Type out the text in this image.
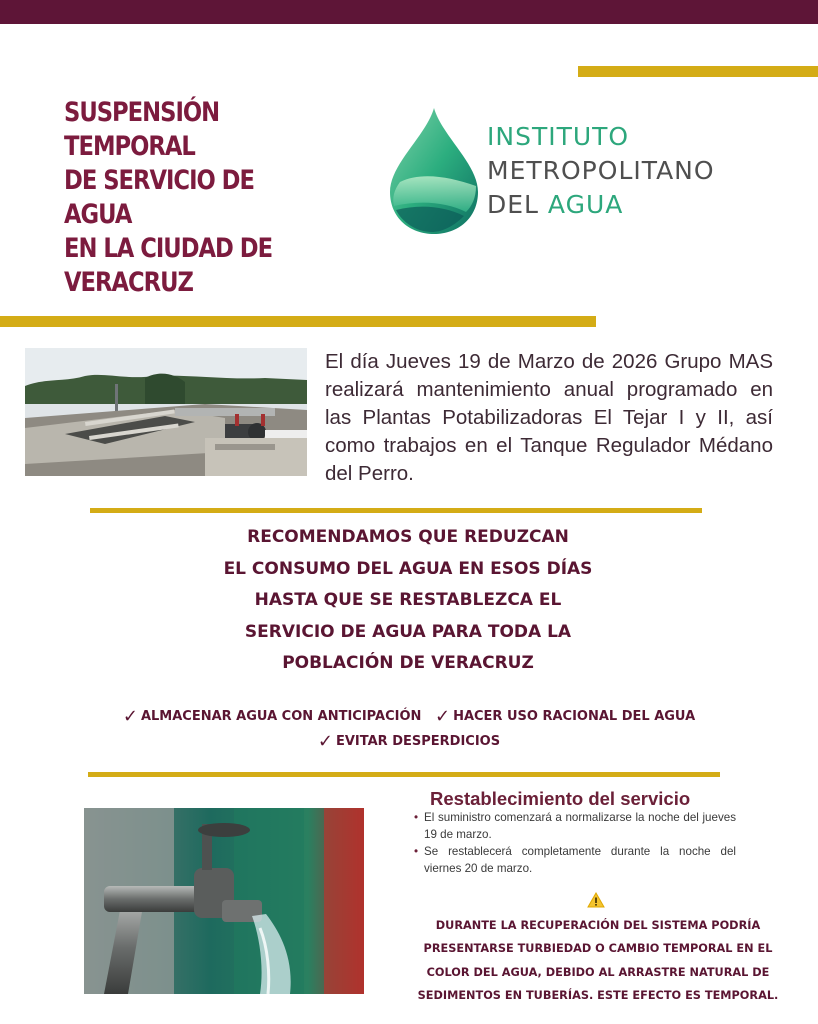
SUSPENSIÓN TEMPORAL
DE SERVICIO DE AGUA
EN LA CIUDAD DE
VERACRUZ
INSTITUTO
METROPOLITANO
DEL AGUA

El día Jueves 19 de Marzo de 2026 Grupo MAS realizará mantenimiento anual programado en las Plantas Potabilizadoras El Tejar I y II, así como trabajos en el Tanque Regulador Médano del Perro.

RECOMENDAMOS QUE REDUZCAN
EL CONSUMO DEL AGUA EN ESOS DÍAS
HASTA QUE SE RESTABLEZCA EL
SERVICIO DE AGUA PARA TODA LA
POBLACIÓN DE VERACRUZ
✓ ALMACENAR AGUA CON ANTICIPACIÓN ✓ HACER USO RACIONAL DEL AGUA
✓ EVITAR DESPERDICIOS
Restablecimiento del servicio
• El suministro comenzará a normalizarse la noche del jueves 19 de marzo.
• Se restablecerá completamente durante la noche del viernes 20 de marzo.
DURANTE LA RECUPERACIÓN DEL SISTEMA PODRÍA
PRESENTARSE TURBIEDAD O CAMBIO TEMPORAL EN EL
COLOR DEL AGUA, DEBIDO AL ARRASTRE NATURAL DE
SEDIMENTOS EN TUBERÍAS. ESTE EFECTO ES TEMPORAL.
